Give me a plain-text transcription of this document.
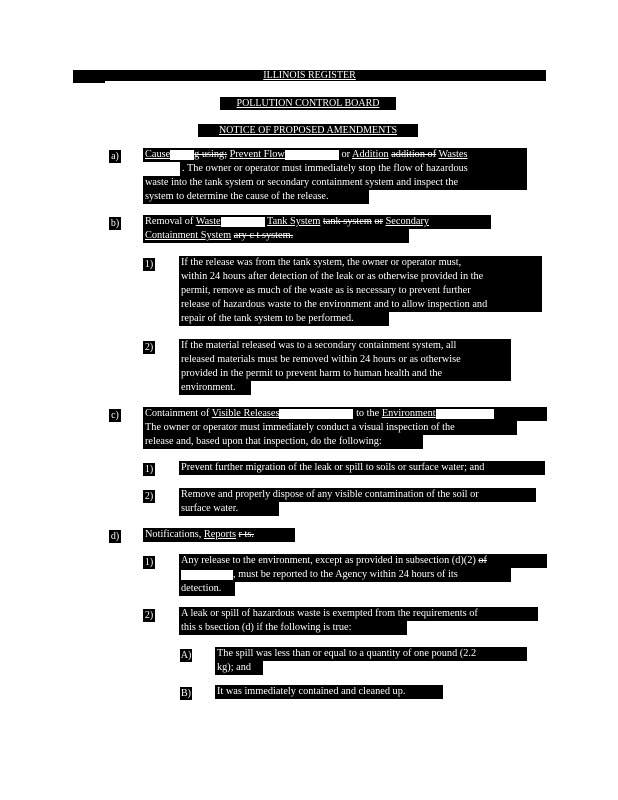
ILLINOIS REGISTER
POLLUTION CONTROL BOARD
NOTICE OF PROPOSED AMENDMENTS
a)	Cause g using; Prevent Flow	or Addition addition of Wastes
. The owner or operator must immediately stop the flow of hazardous
waste into the tank system or secondary containment system and inspect the
system to determine the cause of the release.
b)	Removal of Waste	Tank System tank system or Secondary
Containment System ary c t system.
1)	If the release was from the tank system, the owner or operator must,
within 24 hours after detection of the leak or as otherwise provided in the
permit, remove as much of the waste as is necessary to prevent further
release of hazardous waste to the environment and to allow inspection and
repair of the tank system to be performed.
2)	If the material released was to a secondary containment system, all
released materials must be removed within 24 hours or as otherwise
provided in the permit to prevent harm to human health and the
environment.
c)	Containment of Visible Releases	to the Environment
The owner or operator must immediately conduct a visual inspection of the
release and, based upon that inspection, do the following:
1)	Prevent further migration of the leak or spill to soils or surface water; and
2)	Remove and properly dispose of any visible contamination of the soil or
surface water.
d)	Notifications, Reports r ts.
1)	Any release to the environment, except as provided in subsection (d)(2) of
, must be reported to the Agency within 24 hours of its
detection.
2)	A leak or spill of hazardous waste is exempted from the requirements of
this s bsection (d) if the following is true:
A) The spill was less than or equal to a quantity of one pound (2.2
kg); and
B)	It was immediately contained and cleaned up.
